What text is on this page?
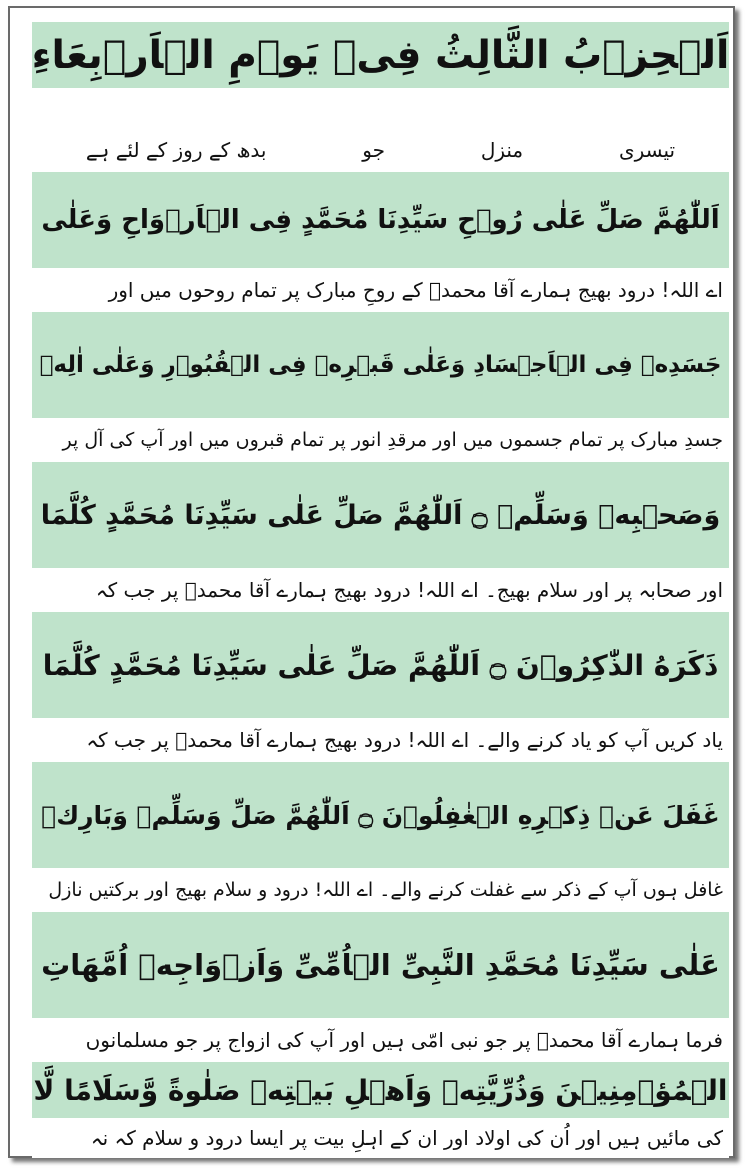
اَلۡحِزۡبُ الثَّالِثُ فِیۡ یَوۡمِ الۡاَرۡبِعَاءِ
تیسری
منزل
جو
بدھ کے روز کے لئے ہے
اَللّٰهُمَّ صَلِّ عَلٰى رُوۡحِ سَیِّدِنَا مُحَمَّدٍ فِی الۡاَرۡوَاحِ وَعَلٰى
اے اللہ! درود بھیج ہمارے آقا محمدؐ کے روحِ مبارک پر تمام روحوں میں اور
جَسَدِهٖ فِی الۡاَجۡسَادِ وَعَلٰى قَبۡرِهٖ فِی الۡقُبُوۡرِ وَعَلٰى اٰلِهٖ
جسدِ مبارک پر تمام جسموں میں اور مرقدِ انور پر تمام قبروں میں اور آپ کی آل پر
وَصَحۡبِهٖ وَسَلِّمۡ ۝ اَللّٰهُمَّ صَلِّ عَلٰى سَیِّدِنَا مُحَمَّدٍ كُلَّمَا
اور صحابہ پر اور سلام بھیج۔ اے اللہ! درود بھیج ہمارے آقا محمدؐ پر جب کہ
ذَكَرَهُ الذّٰكِرُوۡنَ ۝ اَللّٰهُمَّ صَلِّ عَلٰى سَیِّدِنَا مُحَمَّدٍ كُلَّمَا
یاد کریں آپ کو یاد کرنے والے۔ اے اللہ! درود بھیج ہمارے آقا محمدؐ پر جب کہ
غَفَلَ عَنۡ ذِكۡرِهِ الۡغٰفِلُوۡنَ ۝ اَللّٰهُمَّ صَلِّ وَسَلِّمۡ وَبَارِكۡ
غافل ہوں آپ کے ذکر سے غفلت کرنے والے۔ اے اللہ! درود و سلام بھیج اور برکتیں نازل
عَلٰى سَیِّدِنَا مُحَمَّدِ النَّبِیِّ الۡاُمِّیِّ وَاَزۡوَاجِهٖ اُمَّهَاتِ
فرما ہمارے آقا محمدؐ پر جو نبی امّی ہیں اور آپ کی ازواج پر جو مسلمانوں
الۡمُؤۡمِنِیۡنَ وَذُرِّیَّتِهٖ وَاَهۡلِ بَیۡتِهٖ صَلٰوةً وَّسَلَامًا لَّا
کی مائیں ہیں اور اُن کی اولاد اور ان کے اہلِ بیت پر ایسا درود و سلام کہ نہ
